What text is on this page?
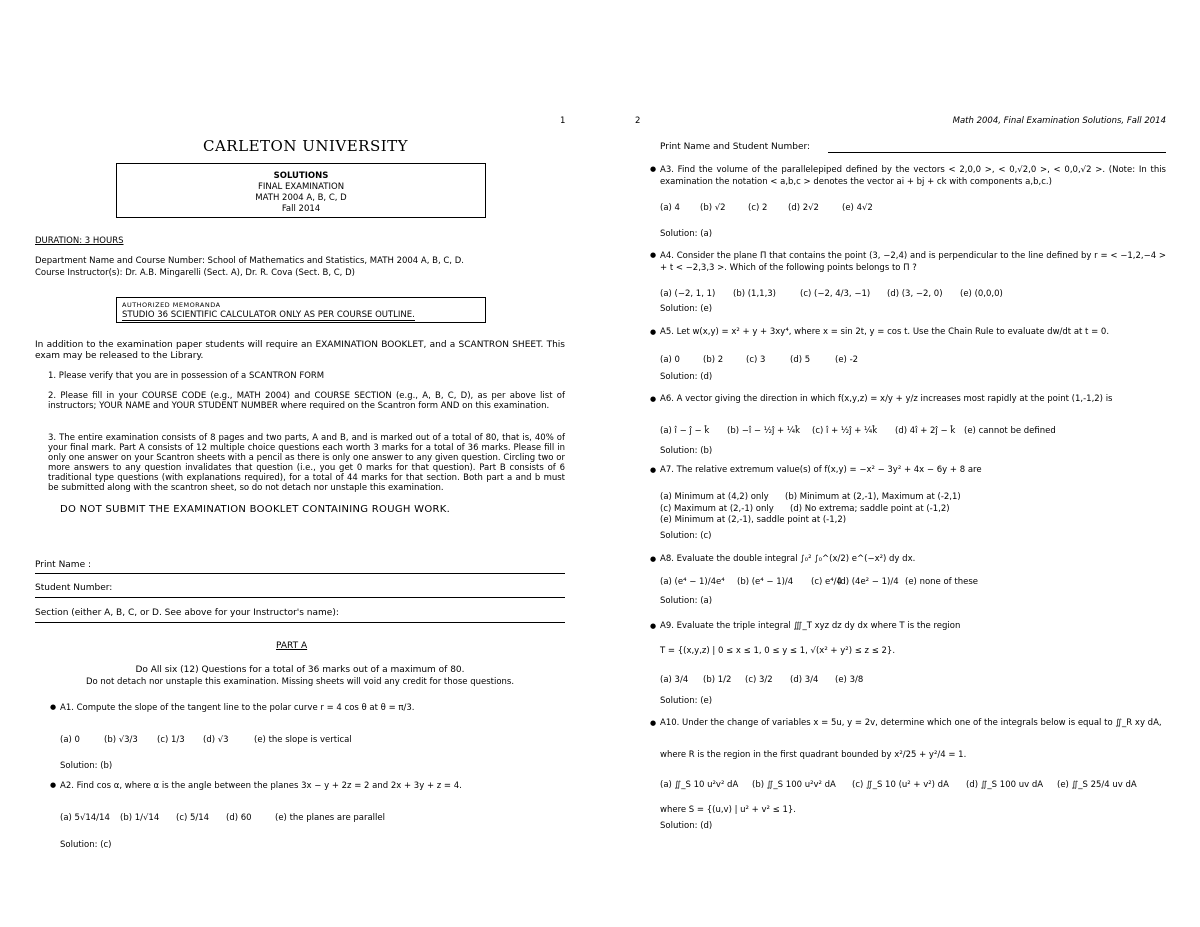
1
CARLETON UNIVERSITY
SOLUTIONS
FINAL EXAMINATION
MATH 2004 A, B, C, D
Fall 2014
DURATION: 3 HOURS
Department Name and Course Number: School of Mathematics and Statistics, MATH 2004 A, B, C, D.
Course Instructor(s): Dr. A.B. Mingarelli (Sect. A), Dr. R. Cova (Sect. B, C, D)
AUTHORIZED MEMORANDA
STUDIO 36 SCIENTIFIC CALCULATOR ONLY AS PER COURSE OUTLINE.
In addition to the examination paper students will require an EXAMINATION BOOKLET, and a SCANTRON SHEET. This exam may be released to the Library.
1. Please verify that you are in possession of a SCANTRON FORM
2. Please fill in your COURSE CODE (e.g., MATH 2004) and COURSE SECTION (e.g., A, B, C, D), as per above list of instructors; YOUR NAME and YOUR STUDENT NUMBER where required on the Scantron form AND on this examination.
3. The entire examination consists of 8 pages and two parts, A and B, and is marked out of a total of 80, that is, 40% of your final mark. Part A consists of 12 multiple choice questions each worth 3 marks for a total of 36 marks. Please fill in only one answer on your Scantron sheets with a pencil as there is only one answer to any given question. Circling two or more answers to any question invalidates that question (i.e., you get 0 marks for that question). Part B consists of 6 traditional type questions (with explanations required), for a total of 44 marks for that section. Both part a and b must be submitted along with the scantron sheet, so do not detach nor unstaple this examination.
DO NOT SUBMIT THE EXAMINATION BOOKLET CONTAINING ROUGH WORK.
Print Name :
Student Number:
Section (either A, B, C, or D. See above for your Instructor's name):
PART A
Do All six (12) Questions for a total of 36 marks out of a maximum of 80.
Do not detach nor unstaple this examination. Missing sheets will void any credit for those questions.
● A1. Compute the slope of the tangent line to the polar curve r = 4 cos θ at θ = π/3.
(a) 0	(b) √3/3 (c) 1/3 (d) √3	(e) the slope is vertical
Solution: (b)
● A2. Find cos α, where α is the angle between the planes 3x − y + 2z = 2 and 2x + 3y + z = 4.
(a) 5√14/14 (b) 1/√14 (c) 5/14 (d) 60	(e) the planes are parallel
Solution: (c)
2	Math 2004, Final Examination Solutions, Fall 2014
Print Name and Student Number:
● A3. Find the volume of the parallelepiped defined by the vectors < 2,0,0 >, < 0,√2,0 >, < 0,0,√2 >. (Note: In this examination the notation < a,b,c > denotes the vector ai + bj + ck with components a,b,c.)
(a) 4 (b) √2	(c) 2 (d) 2√2	(e) 4√2
Solution: (a)
● A4. Consider the plane Π that contains the point (3, −2,4) and is perpendicular to the line defined by r = < −1,2,−4 > + t < −2,3,3 >. Which of the following points belongs to Π ?
(a) (−2, 1, 1) (b) (1,1,3)	(c) (−2, 4/3, −1) (d) (3, −2, 0) (e) (0,0,0)
Solution: (e)
● A5. Let w(x,y) = x² + y + 3xy⁴, where x = sin 2t, y = cos t. Use the Chain Rule to evaluate dw/dt at t = 0.
(a) 0	(b) 2	(c) 3	(d) 5	(e) -2
Solution: (d)
● A6. A vector giving the direction in which f(x,y,z) = x/y + y/z increases most rapidly at the point (1,-1,2) is
(a) î − ĵ − k̂ (b) −î − ½ĵ + ¼k̂ (c) î + ½ĵ + ¼k̂ (d) 4î + 2ĵ − k̂ (e) cannot be defined
Solution: (b)
● A7. The relative extremum value(s) of f(x,y) = −x² − 3y² + 4x − 6y + 8 are
(a) Minimum at (4,2) only (b) Minimum at (2,-1), Maximum at (-2,1)
(c) Maximum at (2,-1) only (d) No extrema; saddle point at (-1,2)
(e) Minimum at (2,-1), saddle point at (-1,2)
Solution: (c)
● A8. Evaluate the double integral ∫₀² ∫₀^(x/2) e^(−x²) dy dx.
(a) (e⁴ − 1)/4e⁴ (b) (e⁴ − 1)/4 (c) e⁴/4
(d) (4e² − 1)/4 (e) none of these
Solution: (a)
● A9. Evaluate the triple integral ∭_T xyz dz dy dx where T is the region
T = {(x,y,z) | 0 ≤ x ≤ 1, 0 ≤ y ≤ 1, √(x² + y²) ≤ z ≤ 2}.
(a) 3/4 (b) 1/2 (c) 3/2 (d) 3/4 (e) 3/8
Solution: (e)
● A10. Under the change of variables x = 5u, y = 2v, determine which one of the integrals below is equal to ∬_R xy dA,
where R is the region in the first quadrant bounded by x²/25 + y²/4 = 1.
(a) ∬_S 10 u²v² dA (b) ∬_S 100 u²v² dA (c) ∬_S 10 (u² + v²) dA (d) ∬_S 100 uv dA (e) ∬_S 25/4 uv dA
where S = {(u,v) | u² + v² ≤ 1}.
Solution: (d)
